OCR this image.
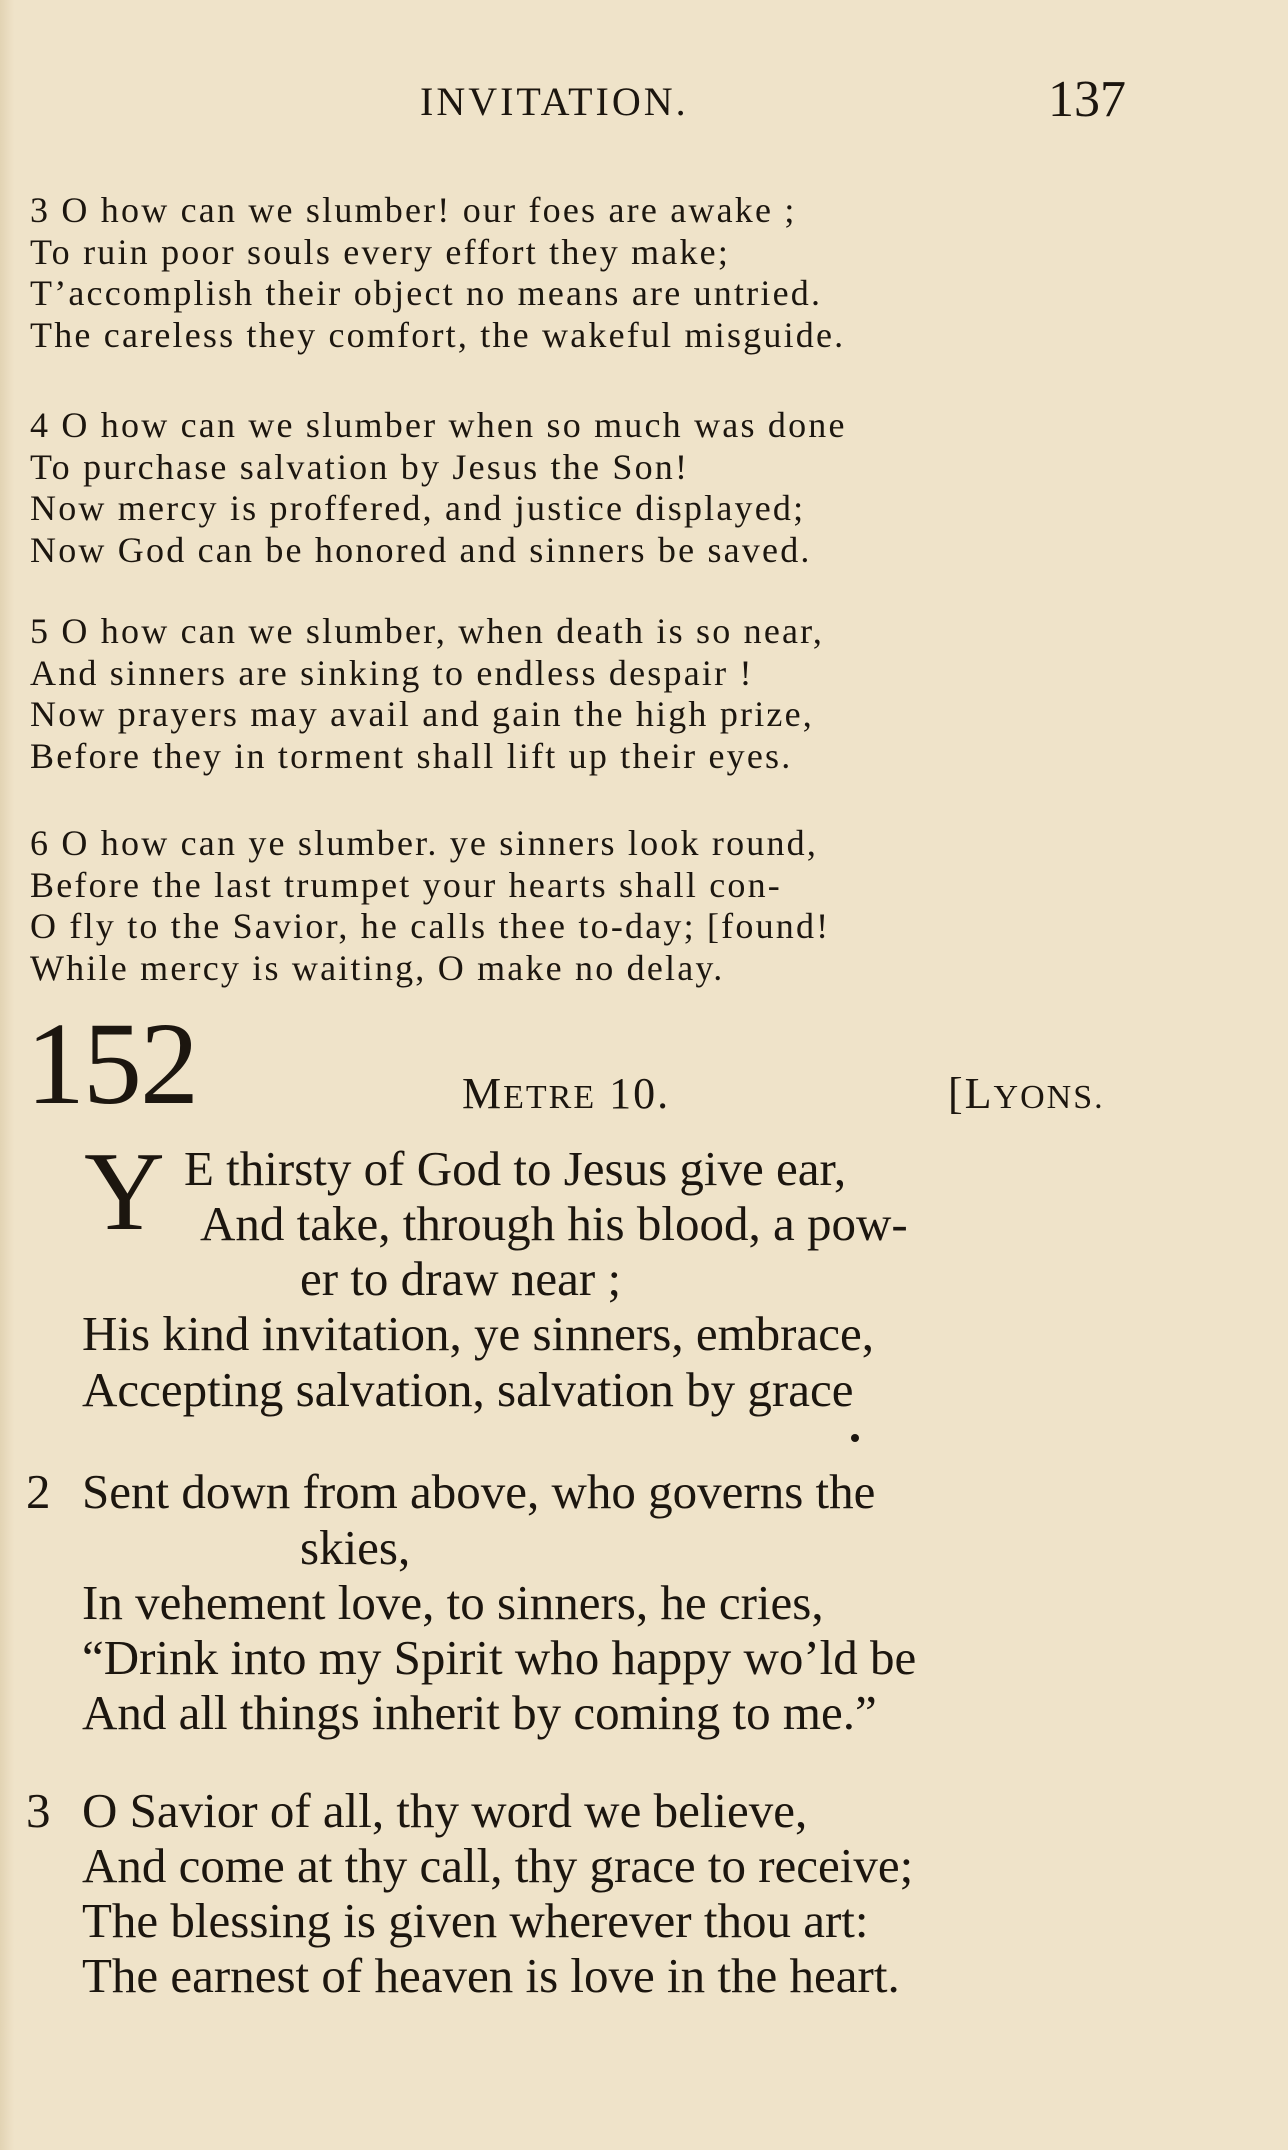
INVITATION.	137
3 O how can we slumber! our foes are awake ;
To ruin poor souls every effort they make;
T’accomplish their object no means are untried.
The careless they comfort, the wakeful misguide.
4 O how can we slumber when so much was done
To purchase salvation by Jesus the Son!
Now mercy is proffered, and justice displayed;
Now God can be honored and sinners be saved.
5 O how can we slumber, when death is so near,
And sinners are sinking to endless despair !
Now prayers may avail and gain the high prize,
Before they in torment shall lift up their eyes.
6 O how can ye slumber. ye sinners look round,
Before the last trumpet your hearts shall con-
O fly to the Savior, he calls thee to-day; [found!
While mercy is waiting, O make no delay.
152	METRE 10.	[LYONS.
Y E thirsty of God to Jesus give ear,
And take, through his blood, a pow-
er to draw near ;
His kind invitation, ye sinners, embrace,
Accepting salvation, salvation by grace
2 Sent down from above, who governs the
skies,
In vehement love, to sinners, he cries,
“Drink into my Spirit who happy wo’ld be
And all things inherit by coming to me.”
3 O Savior of all, thy word we believe,
And come at thy call, thy grace to receive;
The blessing is given wherever thou art:
The earnest of heaven is love in the heart.
